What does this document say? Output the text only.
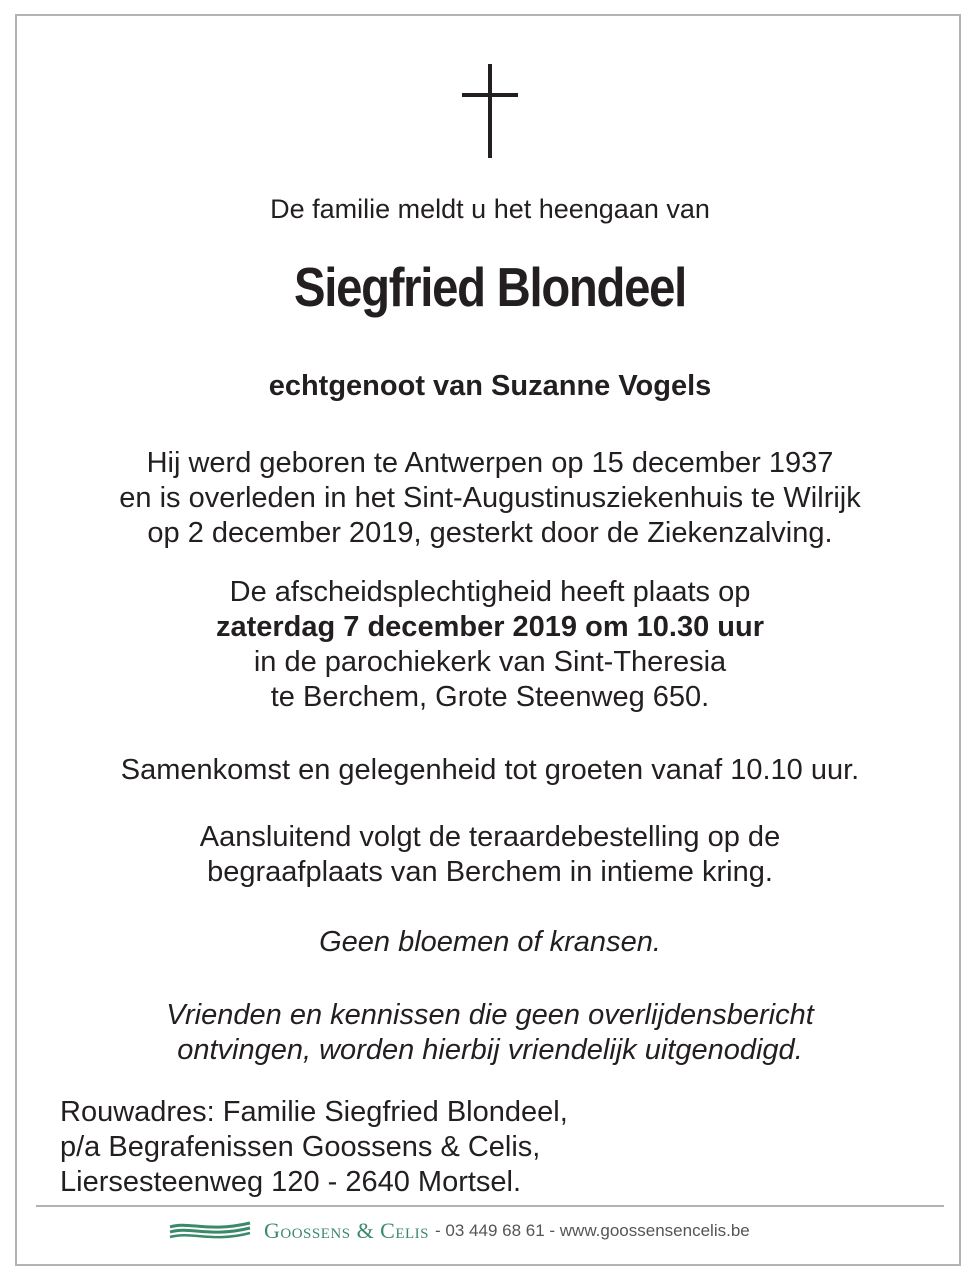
De familie meldt u het heengaan van

Siegfried Blondeel

echtgenoot van Suzanne Vogels

Hij werd geboren te Antwerpen op 15 december 1937
en is overleden in het Sint-Augustinusziekenhuis te Wilrijk
op 2 december 2019, gesterkt door de Ziekenzalving.

De afscheidsplechtigheid heeft plaats op
zaterdag 7 december 2019 om 10.30 uur
in de parochiekerk van Sint-Theresia
te Berchem, Grote Steenweg 650.

Samenkomst en gelegenheid tot groeten vanaf 10.10 uur.

Aansluitend volgt de teraardebestelling op de
begraafplaats van Berchem in intieme kring.

Geen bloemen of kransen.

Vrienden en kennissen die geen overlijdensbericht
ontvingen, worden hierbij vriendelijk uitgenodigd.

Rouwadres: Familie Siegfried Blondeel,
p/a Begrafenissen Goossens & Celis,
Liersesteenweg 120 - 2640 Mortsel.

Goossens & Celis - 03 449 68 61 - www.goossensencelis.be
